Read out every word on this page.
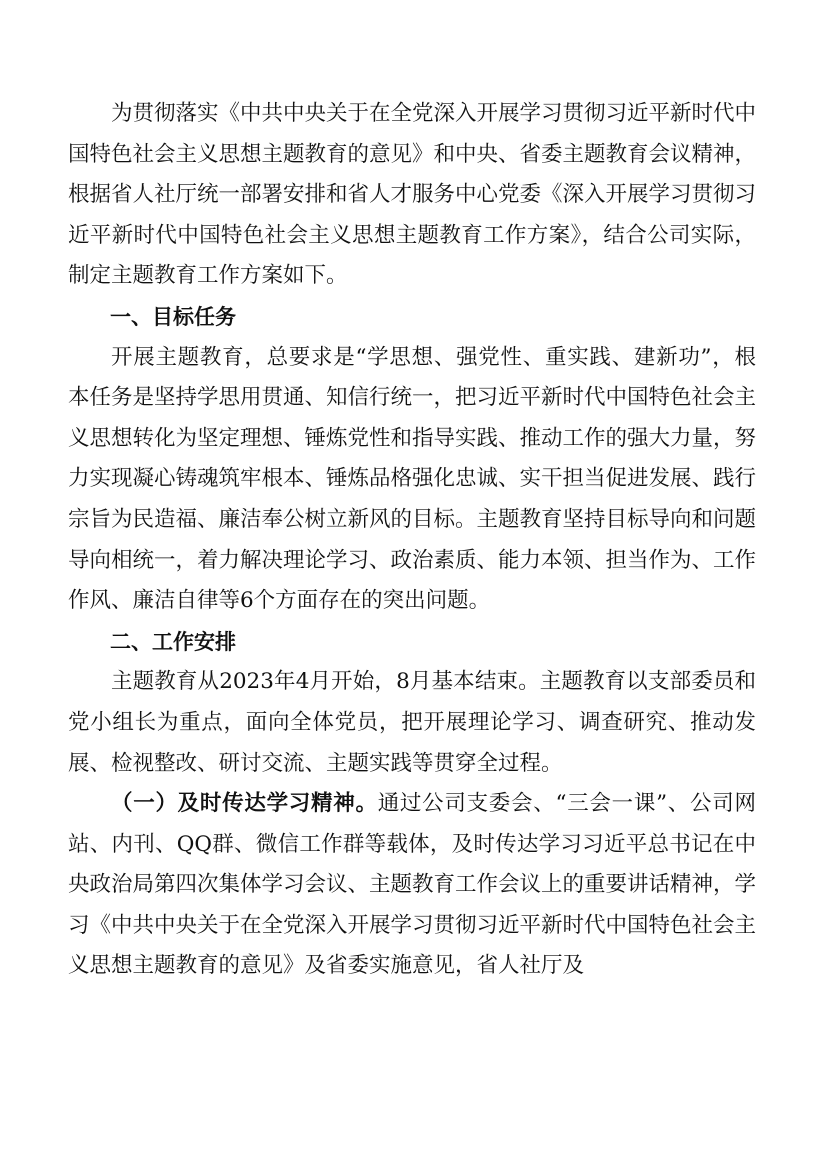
为贯彻落实《中共中央关于在全党深入开展学习贯彻习近平新时代中国特色社会主义思想主题教育的意见》和中央、省委主题教育会议精神，根据省人社厅统一部署安排和省人才服务中心党委《深入开展学习贯彻习近平新时代中国特色社会主义思想主题教育工作方案》，结合公司实际，制定主题教育工作方案如下。

一、目标任务

开展主题教育，总要求是“学思想、强党性、重实践、建新功”，根本任务是坚持学思用贯通、知信行统一，把习近平新时代中国特色社会主义思想转化为坚定理想、锤炼党性和指导实践、推动工作的强大力量，努力实现凝心铸魂筑牢根本、锤炼品格强化忠诚、实干担当促进发展、践行宗旨为民造福、廉洁奉公树立新风的目标。主题教育坚持目标导向和问题导向相统一，着力解决理论学习、政治素质、能力本领、担当作为、工作作风、廉洁自律等6个方面存在的突出问题。

二、工作安排

主题教育从2023年4月开始，8月基本结束。主题教育以支部委员和党小组长为重点，面向全体党员，把开展理论学习、调查研究、推动发展、检视整改、研讨交流、主题实践等贯穿全过程。

（一）及时传达学习精神。通过公司支委会、“三会一课”、公司网站、内刊、QQ群、微信工作群等载体，及时传达学习习近平总书记在中央政治局第四次集体学习会议、主题教育工作会议上的重要讲话精神，学习《中共中央关于在全党深入开展学习贯彻习近平新时代中国特色社会主义思想主题教育的意见》及省委实施意见，省人社厅及
